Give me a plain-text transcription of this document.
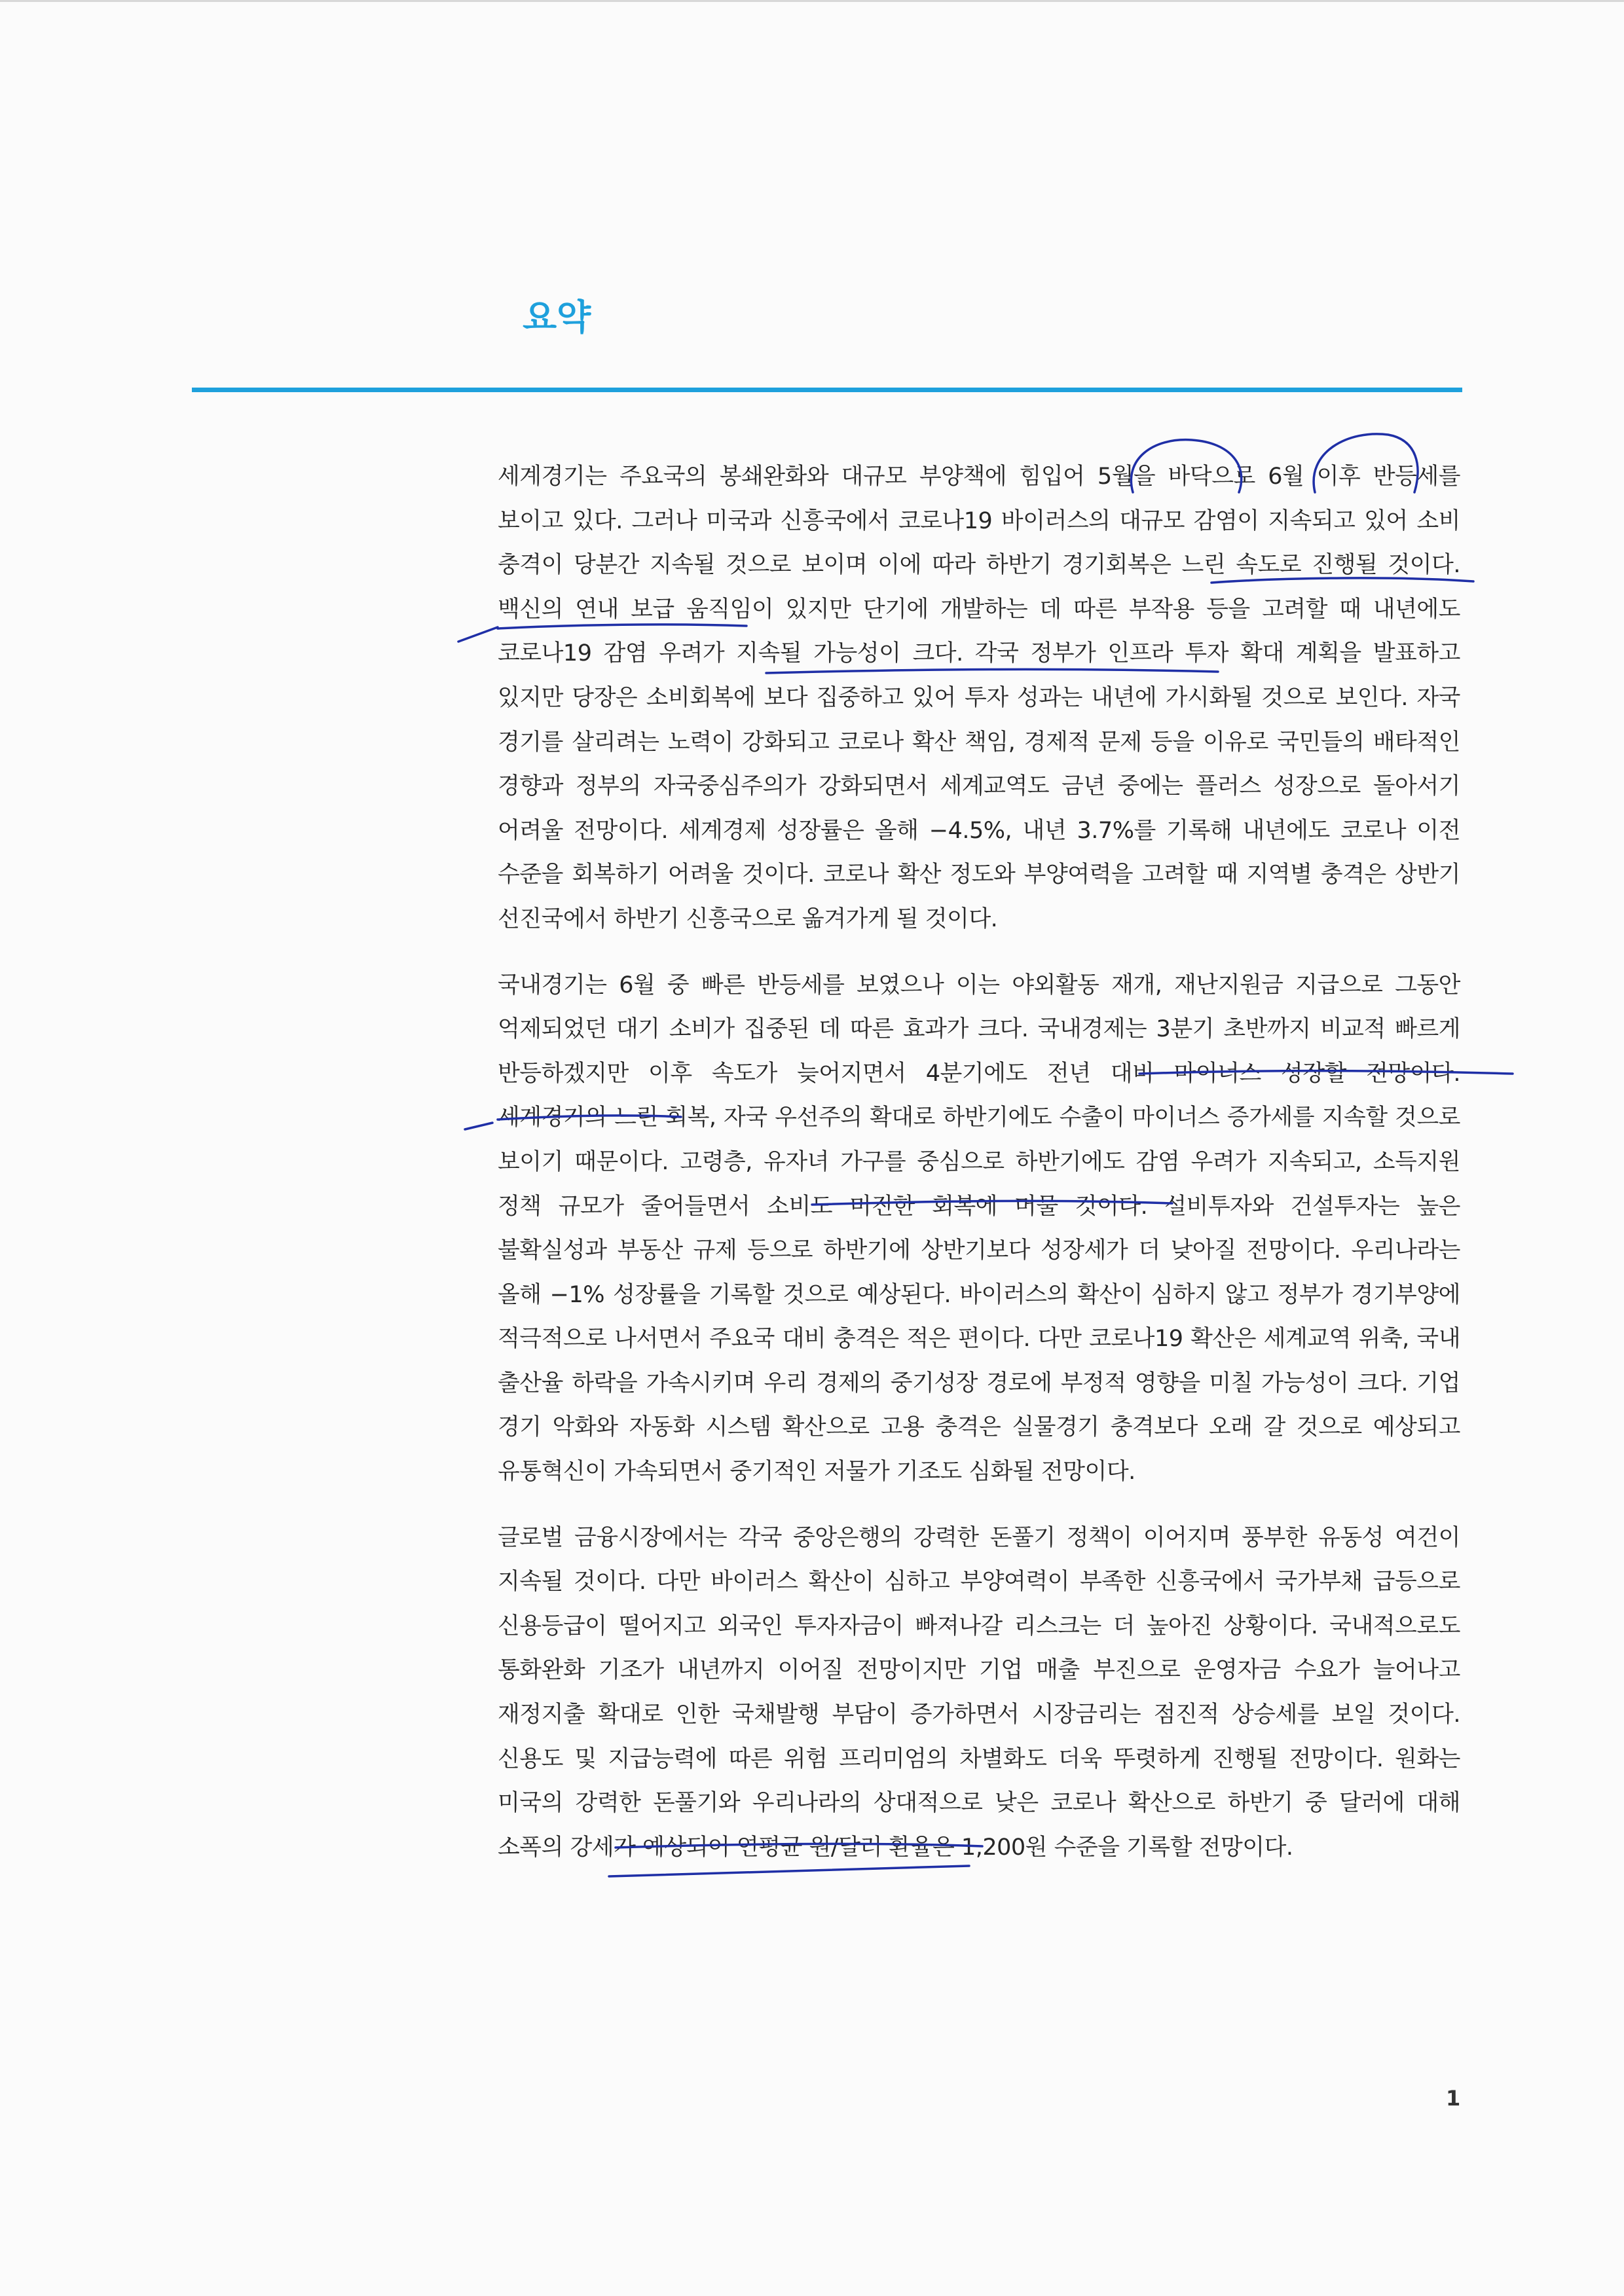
요약

세계경기는 주요국의 봉쇄완화와 대규모 부양책에 힘입어 5월을 바닥으로 6월 이후 반등세를 보이고 있다. 그러나 미국과 신흥국에서 코로나19 바이러스의 대규모 감염이 지속되고 있어 소비 충격이 당분간 지속될 것으로 보이며 이에 따라 하반기 경기회복은 느린 속도로 진행될 것이다. 백신의 연내 보급 움직임이 있지만 단기에 개발하는 데 따른 부작용 등을 고려할 때 내년에도 코로나19 감염 우려가 지속될 가능성이 크다. 각국 정부가 인프라 투자 확대 계획을 발표하고 있지만 당장은 소비회복에 보다 집중하고 있어 투자 성과는 내년에 가시화될 것으로 보인다. 자국 경기를 살리려는 노력이 강화되고 코로나 확산 책임, 경제적 문제 등을 이유로 국민들의 배타적인 경향과 정부의 자국중심주의가 강화되면서 세계교역도 금년 중에는 플러스 성장으로 돌아서기 어려울 전망이다. 세계경제 성장률은 올해 −4.5%, 내년 3.7%를 기록해 내년에도 코로나 이전 수준을 회복하기 어려울 것이다. 코로나 확산 정도와 부양여력을 고려할 때 지역별 충격은 상반기 선진국에서 하반기 신흥국으로 옮겨가게 될 것이다.

국내경기는 6월 중 빠른 반등세를 보였으나 이는 야외활동 재개, 재난지원금 지급으로 그동안 억제되었던 대기 소비가 집중된 데 따른 효과가 크다. 국내경제는 3분기 초반까지 비교적 빠르게 반등하겠지만 이후 속도가 늦어지면서 4분기에도 전년 대비 마이너스 성장할 전망이다. 세계경기의 느린 회복, 자국 우선주의 확대로 하반기에도 수출이 마이너스 증가세를 지속할 것으로 보이기 때문이다. 고령층, 유자녀 가구를 중심으로 하반기에도 감염 우려가 지속되고, 소득지원 정책 규모가 줄어들면서 소비도 미진한 회복에 머물 것이다. 설비투자와 건설투자는 높은 불확실성과 부동산 규제 등으로 하반기에 상반기보다 성장세가 더 낮아질 전망이다. 우리나라는 올해 −1% 성장률을 기록할 것으로 예상된다. 바이러스의 확산이 심하지 않고 정부가 경기부양에 적극적으로 나서면서 주요국 대비 충격은 적은 편이다. 다만 코로나19 확산은 세계교역 위축, 국내 출산율 하락을 가속시키며 우리 경제의 중기성장 경로에 부정적 영향을 미칠 가능성이 크다. 기업 경기 악화와 자동화 시스템 확산으로 고용 충격은 실물경기 충격보다 오래 갈 것으로 예상되고 유통혁신이 가속되면서 중기적인 저물가 기조도 심화될 전망이다.

글로벌 금융시장에서는 각국 중앙은행의 강력한 돈풀기 정책이 이어지며 풍부한 유동성 여건이 지속될 것이다. 다만 바이러스 확산이 심하고 부양여력이 부족한 신흥국에서 국가부채 급등으로 신용등급이 떨어지고 외국인 투자자금이 빠져나갈 리스크는 더 높아진 상황이다. 국내적으로도 통화완화 기조가 내년까지 이어질 전망이지만 기업 매출 부진으로 운영자금 수요가 늘어나고 재정지출 확대로 인한 국채발행 부담이 증가하면서 시장금리는 점진적 상승세를 보일 것이다. 신용도 및 지급능력에 따른 위험 프리미엄의 차별화도 더욱 뚜렷하게 진행될 전망이다. 원화는 미국의 강력한 돈풀기와 우리나라의 상대적으로 낮은 코로나 확산으로 하반기 중 달러에 대해 소폭의 강세가 예상되어 연평균 원/달러 환율은 1,200원 수준을 기록할 전망이다.

1
